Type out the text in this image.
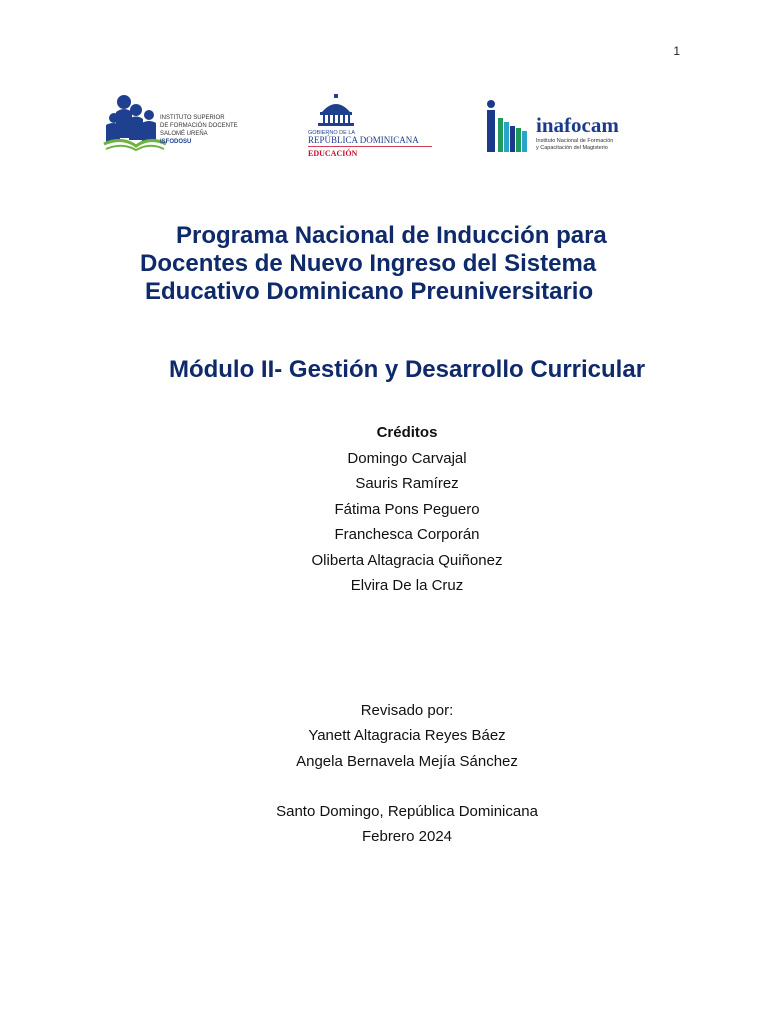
1
INSTITUTO SUPERIOR
DE FORMACIÓN DOCENTE
SALOMÉ UREÑA
ISFODOSU
GOBIERNO DE LA
REPÚBLICA DOMINICANA
EDUCACIÓN
inafocam
Instituto Nacional de Formación
y Capacitación del Magisterio
Programa Nacional de Inducción para
Docentes de Nuevo Ingreso del Sistema
Educativo Dominicano Preuniversitario
Módulo II- Gestión y Desarrollo Curricular
Créditos
Domingo Carvajal
Sauris Ramírez
Fátima Pons Peguero
Franchesca Corporán
Oliberta Altagracia Quiñonez
Elvira De la Cruz
Revisado por:
Yanett Altagracia Reyes Báez
Angela Bernavela Mejía Sánchez
Santo Domingo, República Dominicana
Febrero 2024
